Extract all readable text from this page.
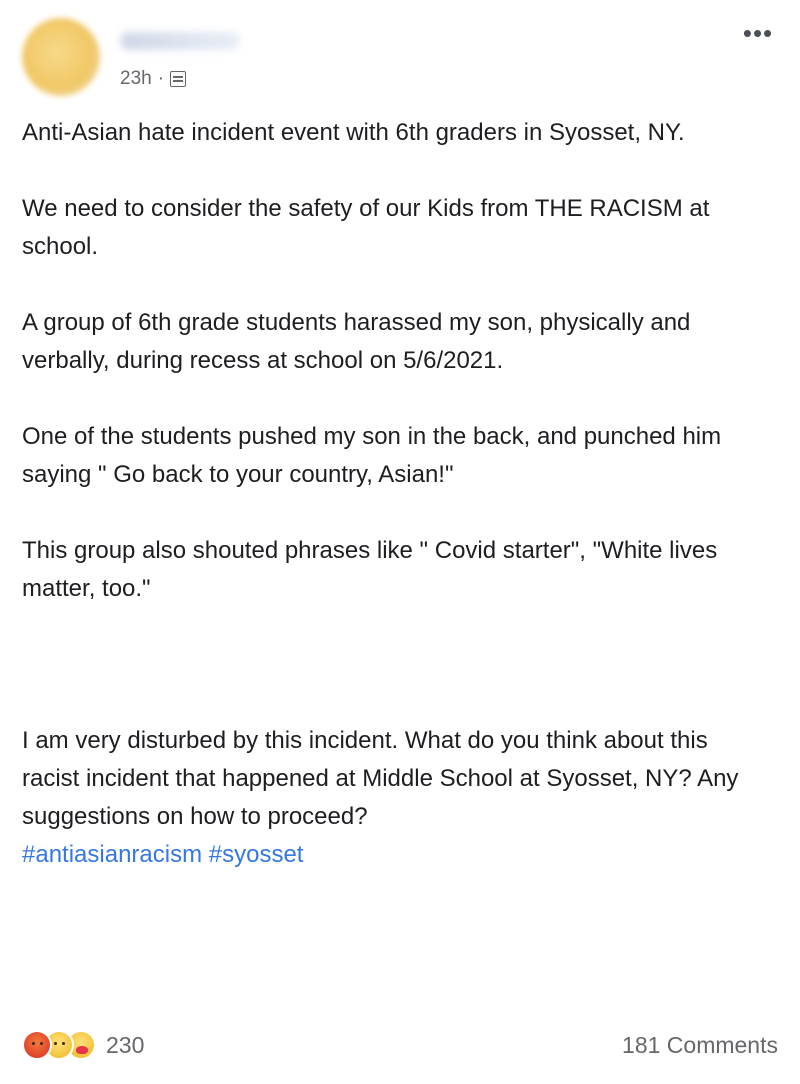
23h ·
•••

Anti-Asian hate incident event with 6th graders in Syosset, NY.

We need to consider the safety of our Kids from THE RACISM at school.

A group of 6th grade students harassed my son, physically and verbally, during recess at school on 5/6/2021.

One of the students pushed my son in the back, and punched him saying " Go back to your country, Asian!"

This group also shouted phrases like " Covid starter", "White lives matter, too."

I am very disturbed by this incident. What do you think about this racist incident that happened at Middle School at Syosset, NY? Any suggestions on how to proceed?

#antiasianracism #syosset
230	181 Comments
